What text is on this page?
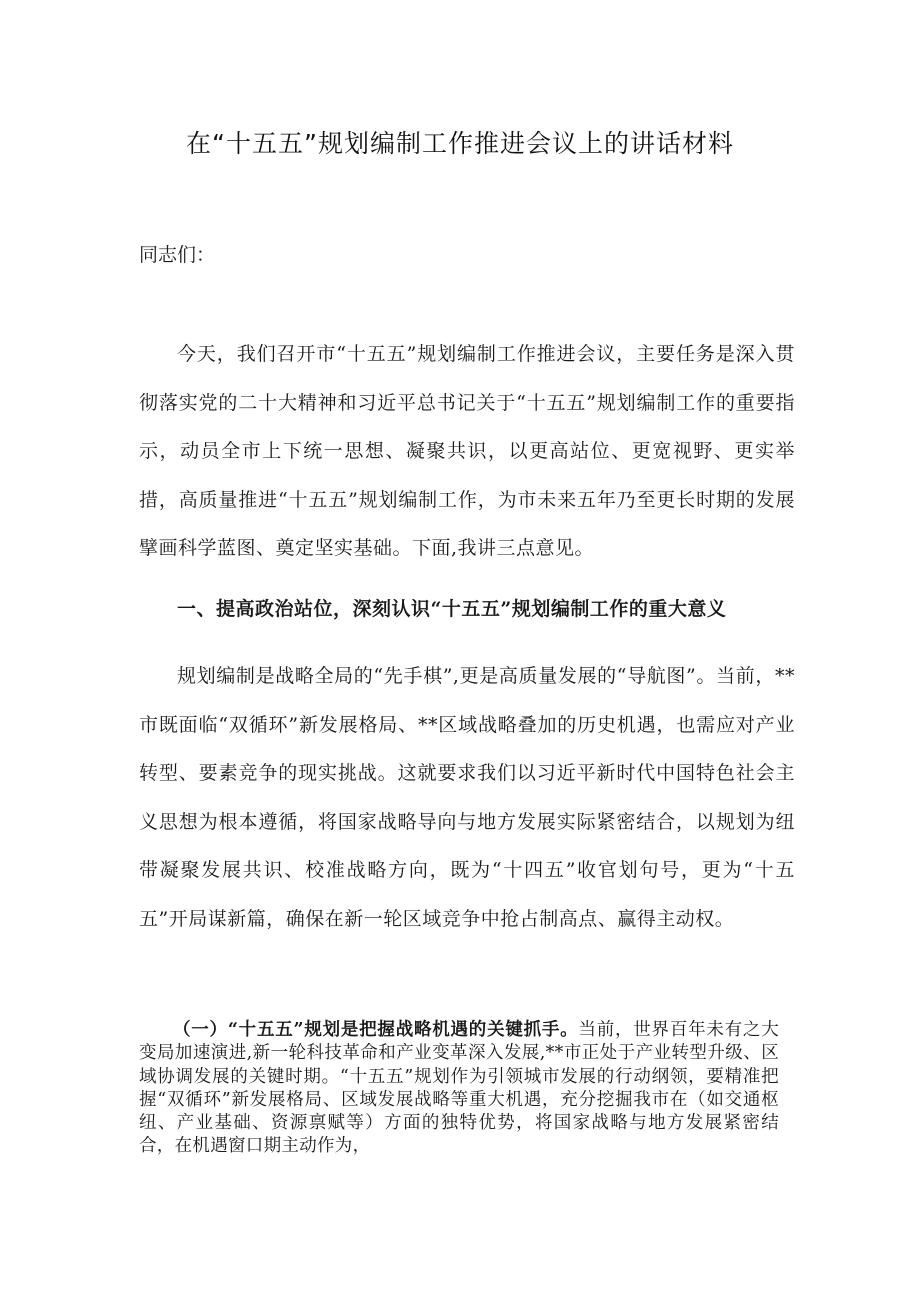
在“十五五”规划编制工作推进会议上的讲话材料

同志们：

今天，我们召开市“十五五”规划编制工作推进会议，主要任务是深入贯彻落实党的二十大精神和习近平总书记关于“十五五”规划编制工作的重要指示，动员全市上下统一思想、凝聚共识，以更高站位、更宽视野、更实举措，高质量推进“十五五”规划编制工作，为市未来五年乃至更长时期的发展擘画科学蓝图、奠定坚实基础。下面,我讲三点意见。

一、提高政治站位，深刻认识“十五五”规划编制工作的重大意义

规划编制是战略全局的“先手棋”,更是高质量发展的“导航图”。当前，**市既面临“双循环”新发展格局、**区域战略叠加的历史机遇，也需应对产业转型、要素竞争的现实挑战。这就要求我们以习近平新时代中国特色社会主义思想为根本遵循，将国家战略导向与地方发展实际紧密结合，以规划为纽带凝聚发展共识、校准战略方向，既为“十四五”收官划句号，更为“十五五”开局谋新篇，确保在新一轮区域竞争中抢占制高点、赢得主动权。

（一）“十五五”规划是把握战略机遇的关键抓手。当前，世界百年未有之大变局加速演进,新一轮科技革命和产业变革深入发展,**市正处于产业转型升级、区域协调发展的关键时期。“十五五”规划作为引领城市发展的行动纲领，要精准把握“双循环”新发展格局、区域发展战略等重大机遇，充分挖掘我市在（如交通枢纽、产业基础、资源禀赋等）方面的独特优势，将国家战略与地方发展紧密结合，在机遇窗口期主动作为，
